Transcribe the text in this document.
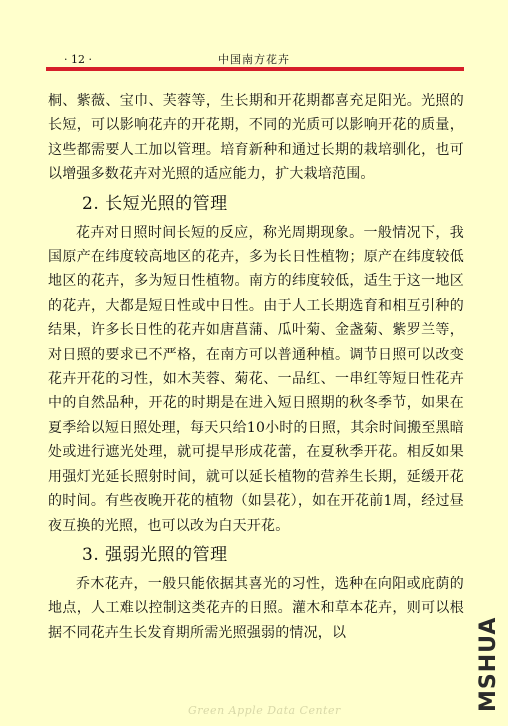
· 12 ·	中国南方花卉

桐、紫薇、宝巾、芙蓉等，生长期和开花期都喜充足阳光。光照的长短，可以影响花卉的开花期，不同的光质可以影响开花的质量，这些都需要人工加以管理。培育新种和通过长期的栽培驯化，也可以增强多数花卉对光照的适应能力，扩大栽培范围。

2. 长短光照的管理

花卉对日照时间长短的反应，称光周期现象。一般情况下，我国原产在纬度较高地区的花卉，多为长日性植物；原产在纬度较低地区的花卉，多为短日性植物。南方的纬度较低，适生于这一地区的花卉，大都是短日性或中日性。由于人工长期选育和相互引种的结果，许多长日性的花卉如唐菖蒲、瓜叶菊、金盏菊、紫罗兰等，对日照的要求已不严格，在南方可以普通种植。调节日照可以改变花卉开花的习性，如木芙蓉、菊花、一品红、一串红等短日性花卉中的自然品种，开花的时期是在进入短日照期的秋冬季节，如果在夏季给以短日照处理，每天只给10小时的日照，其余时间搬至黑暗处或进行遮光处理，就可提早形成花蕾，在夏秋季开花。相反如果用强灯光延长照射时间，就可以延长植物的营养生长期，延缓开花的时间。有些夜晚开花的植物（如昙花），如在开花前1周，经过昼夜互换的光照，也可以改为白天开花。

3. 强弱光照的管理

乔木花卉，一般只能依据其喜光的习性，选种在向阳或庇荫的地点，人工难以控制这类花卉的日照。灌木和草本花卉，则可以根据不同花卉生长发育期所需光照强弱的情况，以	MSHUA
Green Apple Data Center
